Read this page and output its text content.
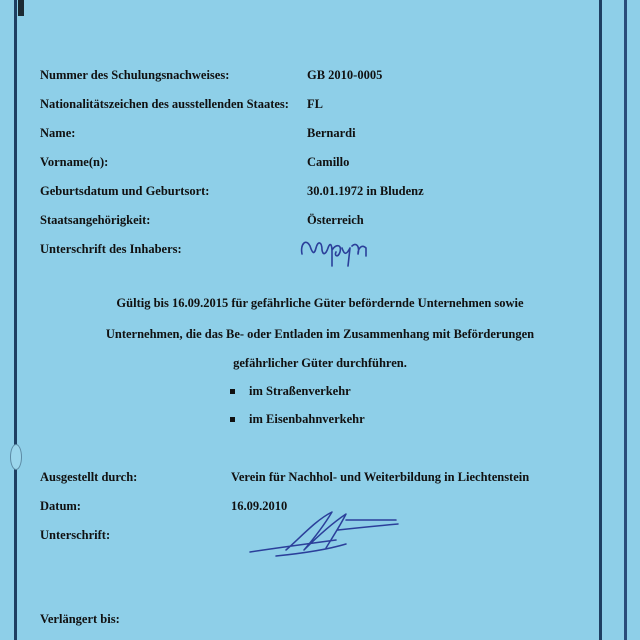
Nummer des Schulungsnachweises:	GB 2010-0005
Nationalitätszeichen des ausstellenden Staates: FL
Name:	Bernardi
Vorname(n):	Camillo
Geburtsdatum und Geburtsort:	30.01.1972 in Bludenz
Staatsangehörigkeit:	Österreich
Unterschrift des Inhabers:
Gültig bis 16.09.2015 für gefährliche Güter befördernde Unternehmen sowie
Unternehmen, die das Be- oder Entladen im Zusammenhang mit Beförderungen
gefährlicher Güter durchführen.
im Straßenverkehr
im Eisenbahnverkehr
Ausgestellt durch:	Verein für Nachhol- und Weiterbildung in Liechtenstein
Datum:	16.09.2010
Unterschrift:
Verlängert bis:
